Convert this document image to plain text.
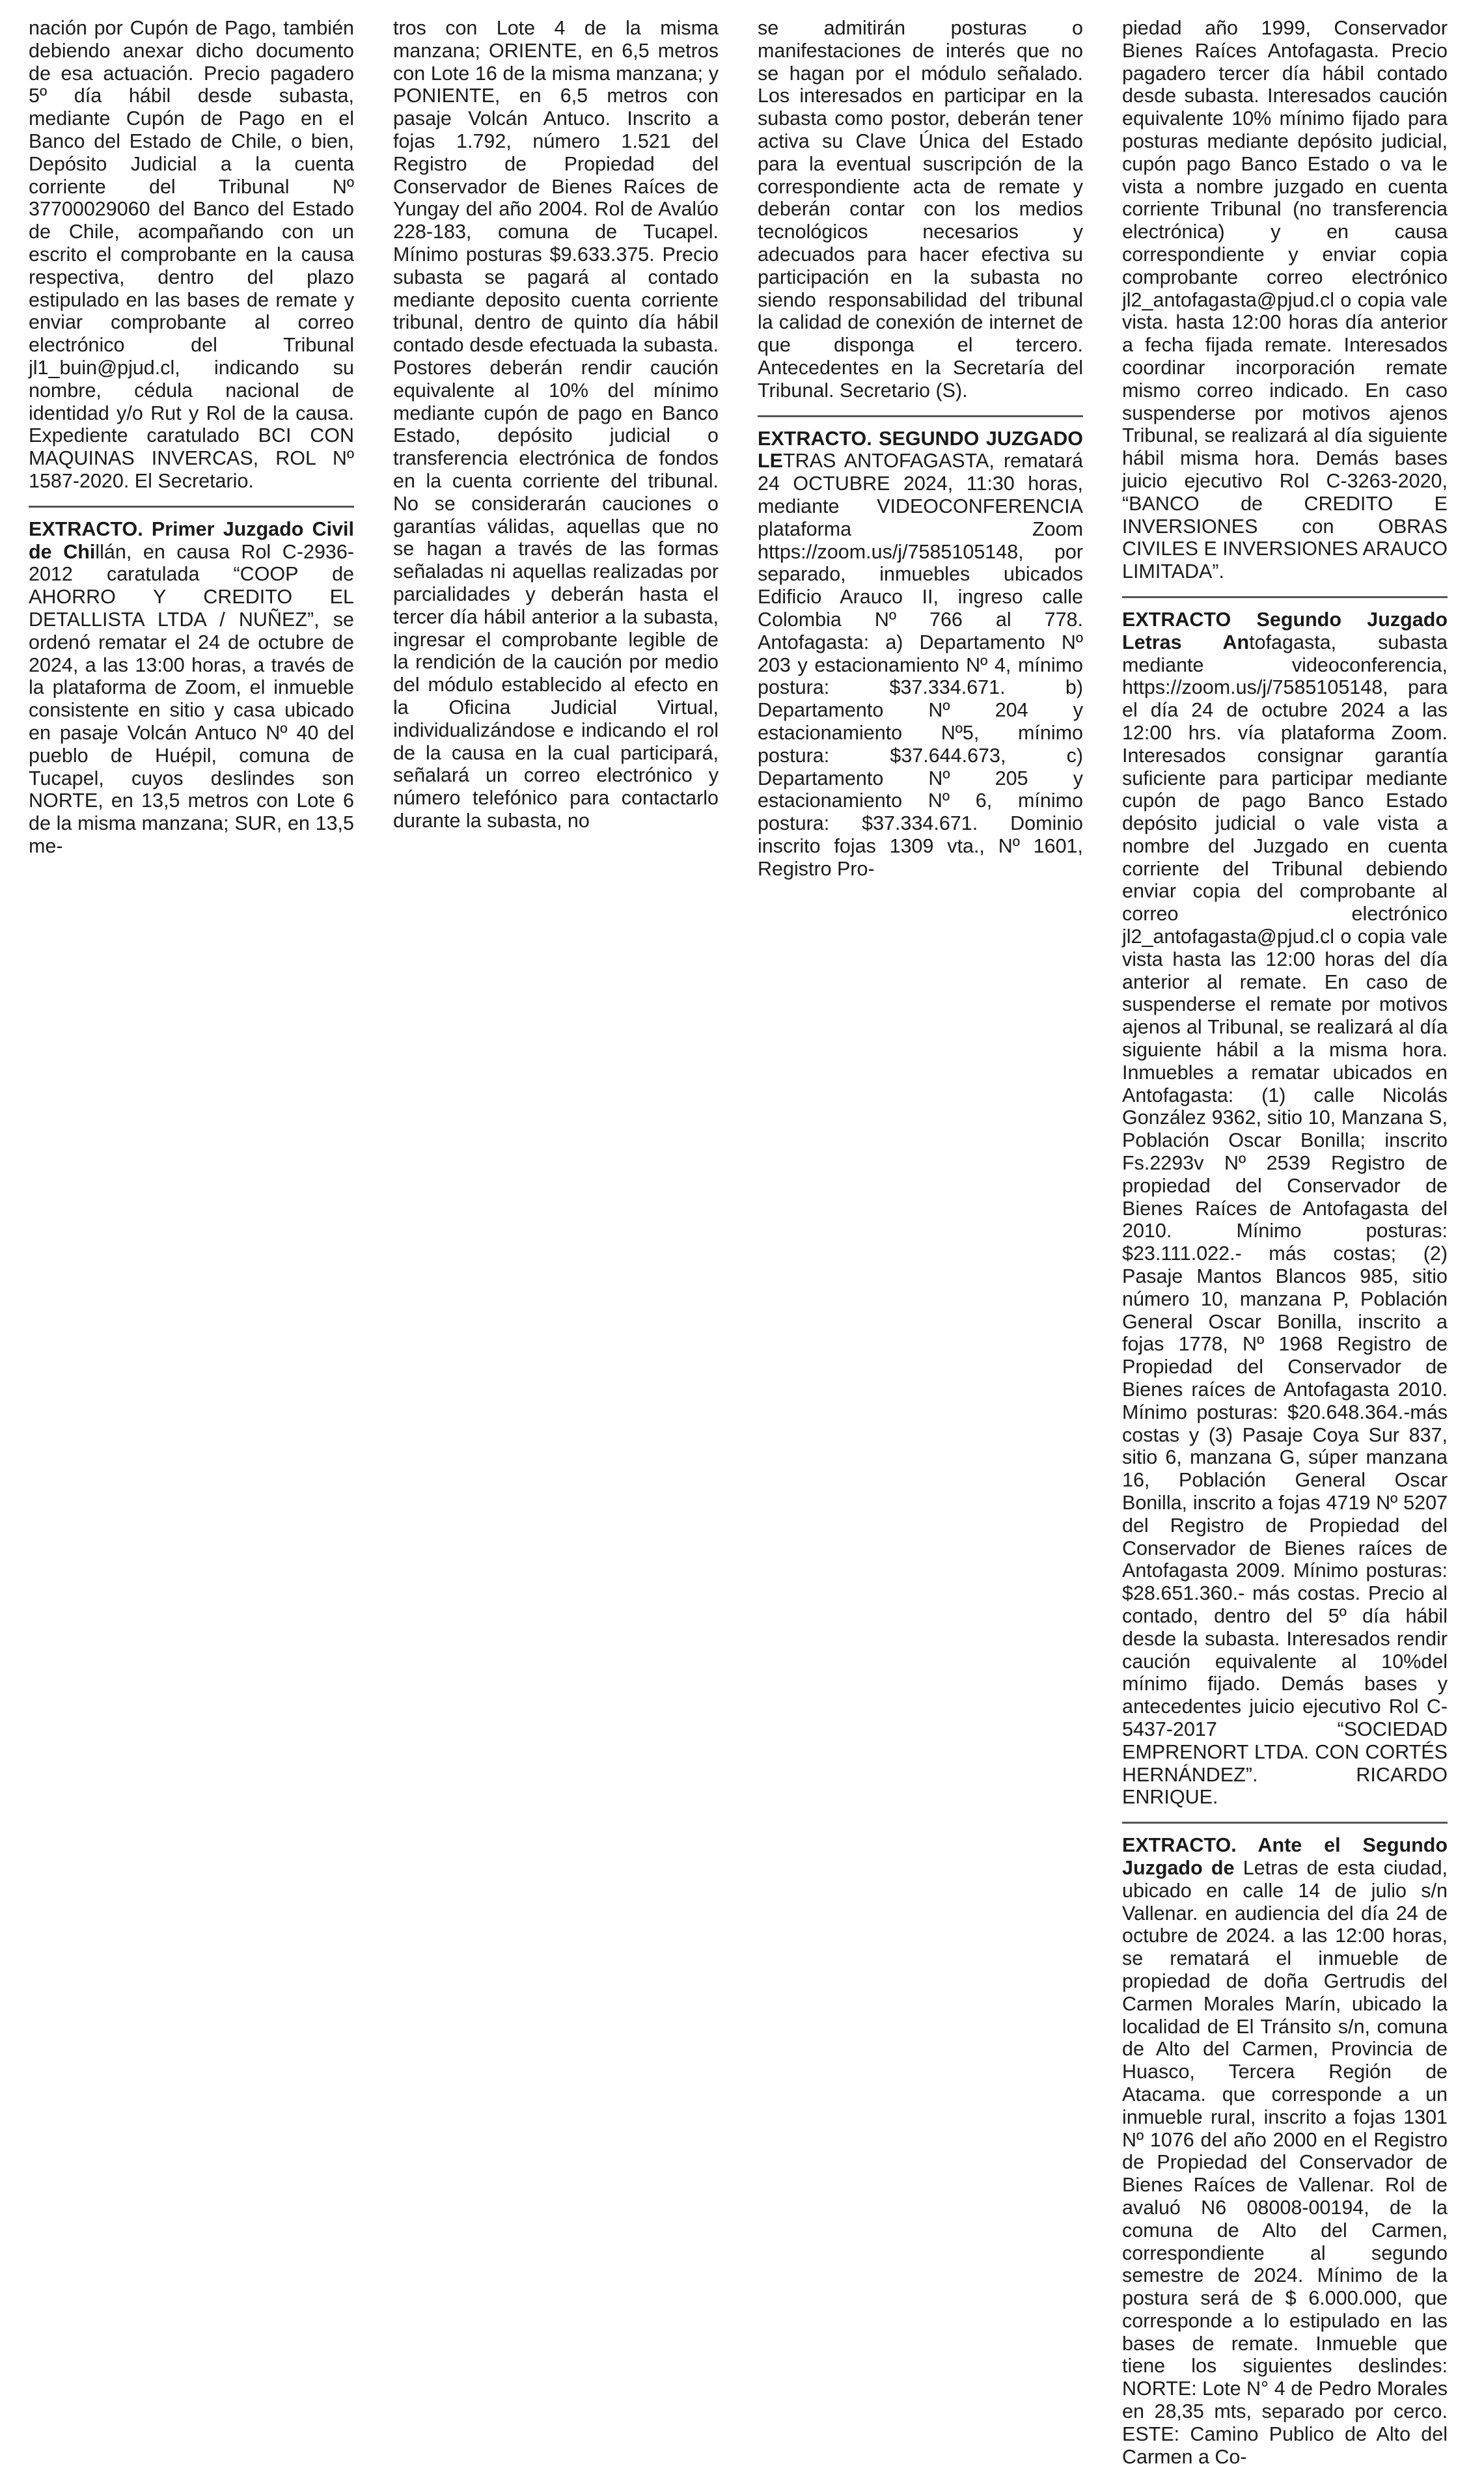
nación por Cupón de Pago, también debiendo anexar dicho documento de esa actuación. Precio pagadero 5º día hábil desde subasta, mediante Cupón de Pago en el Banco del Estado de Chile, o bien, Depósito Judicial a la cuenta corriente del Tribunal Nº 37700029060 del Banco del Estado de Chile, acompañando con un escrito el comprobante en la causa respectiva, dentro del plazo estipulado en las bases de remate y enviar comprobante al correo electrónico del Tribunal jl1_buin@pjud.cl, indicando su nombre, cédula nacional de identidad y/o Rut y Rol de la causa. Expediente caratulado BCI CON MAQUINAS INVERCAS, ROL Nº 1587-2020. El Secretario.

EXTRACTO. Primer Juzgado Civil de Chillán, en causa Rol C-2936-2012 caratulada “COOP de AHORRO Y CREDITO EL DETALLISTA LTDA / NUÑEZ”, se ordenó rematar el 24 de octubre de 2024, a las 13:00 horas, a través de la plataforma de Zoom, el inmueble consistente en sitio y casa ubicado en pasaje Volcán Antuco Nº 40 del pueblo de Huépil, comuna de Tucapel, cuyos deslindes son NORTE, en 13,5 metros con Lote 6 de la misma manzana; SUR, en 13,5 me-

tros con Lote 4 de la misma manzana; ORIENTE, en 6,5 metros con Lote 16 de la misma manzana; y PONIENTE, en 6,5 metros con pasaje Volcán Antuco. Inscrito a fojas 1.792, número 1.521 del Registro de Propiedad del Conservador de Bienes Raíces de Yungay del año 2004. Rol de Avalúo 228-183, comuna de Tucapel. Mínimo posturas $9.633.375. Precio subasta se pagará al contado mediante deposito cuenta corriente tribunal, dentro de quinto día hábil contado desde efectuada la subasta. Postores deberán rendir caución equivalente al 10% del mínimo mediante cupón de pago en Banco Estado, depósito judicial o transferencia electrónica de fondos en la cuenta corriente del tribunal. No se considerarán cauciones o garantías válidas, aquellas que no se hagan a través de las formas señaladas ni aquellas realizadas por parcialidades y deberán hasta el tercer día hábil anterior a la subasta, ingresar el comprobante legible de la rendición de la caución por medio del módulo establecido al efecto en la Oficina Judicial Virtual, individualizándose e indicando el rol de la causa en la cual participará, señalará un correo electrónico y número telefónico para contactarlo durante la subasta, no

se admitirán posturas o manifestaciones de interés que no se hagan por el módulo señalado. Los interesados en participar en la subasta como postor, deberán tener activa su Clave Única del Estado para la eventual suscripción de la correspondiente acta de remate y deberán contar con los medios tecnológicos necesarios y adecuados para hacer efectiva su participación en la subasta no siendo responsabilidad del tribunal la calidad de conexión de internet de que disponga el tercero. Antecedentes en la Secretaría del Tribunal. Secretario (S).

EXTRACTO. SEGUNDO JUZGADO LETRAS ANTOFAGASTA, rematará 24 OCTUBRE 2024, 11:30 horas, mediante VIDEOCONFERENCIA plataforma Zoom https://zoom.us/j/7585105148, por separado, inmuebles ubicados Edificio Arauco II, ingreso calle Colombia Nº 766 al 778. Antofagasta: a) Departamento Nº 203 y estacionamiento Nº 4, mínimo postura: $37.334.671. b) Departamento Nº 204 y estacionamiento Nº5, mínimo postura: $37.644.673, c) Departamento Nº 205 y estacionamiento Nº 6, mínimo postura: $37.334.671. Dominio inscrito fojas 1309 vta., Nº 1601, Registro Pro-

piedad año 1999, Conservador Bienes Raíces Antofagasta. Precio pagadero tercer día hábil contado desde subasta. Interesados caución equivalente 10% mínimo fijado para posturas mediante depósito judicial, cupón pago Banco Estado o va le vista a nombre juzgado en cuenta corriente Tribunal (no transferencia electrónica) y en causa correspondiente y enviar copia comprobante correo electrónico jl2_antofagasta@pjud.cl o copia vale vista. hasta 12:00 horas día anterior a fecha fijada remate. Interesados coordinar incorporación remate mismo correo indicado. En caso suspenderse por motivos ajenos Tribunal, se realizará al día siguiente hábil misma hora. Demás bases juicio ejecutivo Rol C-3263-2020, “BANCO de CREDITO E INVERSIONES con OBRAS CIVILES E INVERSIONES ARAUCO LIMITADA”.

EXTRACTO Segundo Juzgado Letras Antofagasta, subasta mediante videoconferencia, https://zoom.us/j/7585105148, para el día 24 de octubre 2024 a las 12:00 hrs. vía plataforma Zoom. Interesados consignar garantía suficiente para participar mediante cupón de pago Banco Estado depósito judicial o vale vista a nombre del Juzgado en cuenta corriente del Tribunal debiendo enviar copia del comprobante al correo electrónico jl2_antofagasta@pjud.cl o copia vale vista hasta las 12:00 horas del día anterior al remate. En caso de suspenderse el remate por motivos ajenos al Tribunal, se realizará al día siguiente hábil a la misma hora. Inmuebles a rematar ubicados en Antofagasta: (1) calle Nicolás González 9362, sitio 10, Manzana S, Población Oscar Bonilla; inscrito Fs.2293v Nº 2539 Registro de propiedad del Conservador de Bienes Raíces de Antofagasta del 2010. Mínimo posturas: $23.111.022.- más costas; (2) Pasaje Mantos Blancos 985, sitio número 10, manzana P, Población General Oscar Bonilla, inscrito a fojas 1778, Nº 1968 Registro de Propiedad del Conservador de Bienes raíces de Antofagasta 2010. Mínimo posturas: $20.648.364.-más costas y (3) Pasaje Coya Sur 837, sitio 6, manzana G, súper manzana 16, Población General Oscar Bonilla, inscrito a fojas 4719 Nº 5207 del Registro de Propiedad del Conservador de Bienes raíces de Antofagasta 2009. Mínimo posturas: $28.651.360.- más costas. Precio al contado, dentro del 5º día hábil desde la subasta. Interesados rendir caución equivalente al 10%del mínimo fijado. Demás bases y antecedentes juicio ejecutivo Rol C-5437-2017 “SOCIEDAD EMPRENORT LTDA. CON CORTÉS HERNÁNDEZ”. RICARDO ENRIQUE.

EXTRACTO. Ante el Segundo Juzgado de Letras de esta ciudad, ubicado en calle 14 de julio s/n Vallenar. en audiencia del día 24 de octubre de 2024. a las 12:00 horas, se rematará el inmueble de propiedad de doña Gertrudis del Carmen Morales Marín, ubicado la localidad de El Tránsito s/n, comuna de Alto del Carmen, Provincia de Huasco, Tercera Región de Atacama. que corresponde a un inmueble rural, inscrito a fojas 1301 Nº 1076 del año 2000 en el Registro de Propiedad del Conservador de Bienes Raíces de Vallenar. Rol de avaluó N6 08008-00194, de la comuna de Alto del Carmen, correspondiente al segundo semestre de 2024. Mínimo de la postura será de $ 6.000.000, que corresponde a lo estipulado en las bases de remate. Inmueble que tiene los siguientes deslindes: NORTE: Lote N° 4 de Pedro Morales en 28,35 mts, separado por cerco. ESTE: Camino Publico de Alto del Carmen a Co-
